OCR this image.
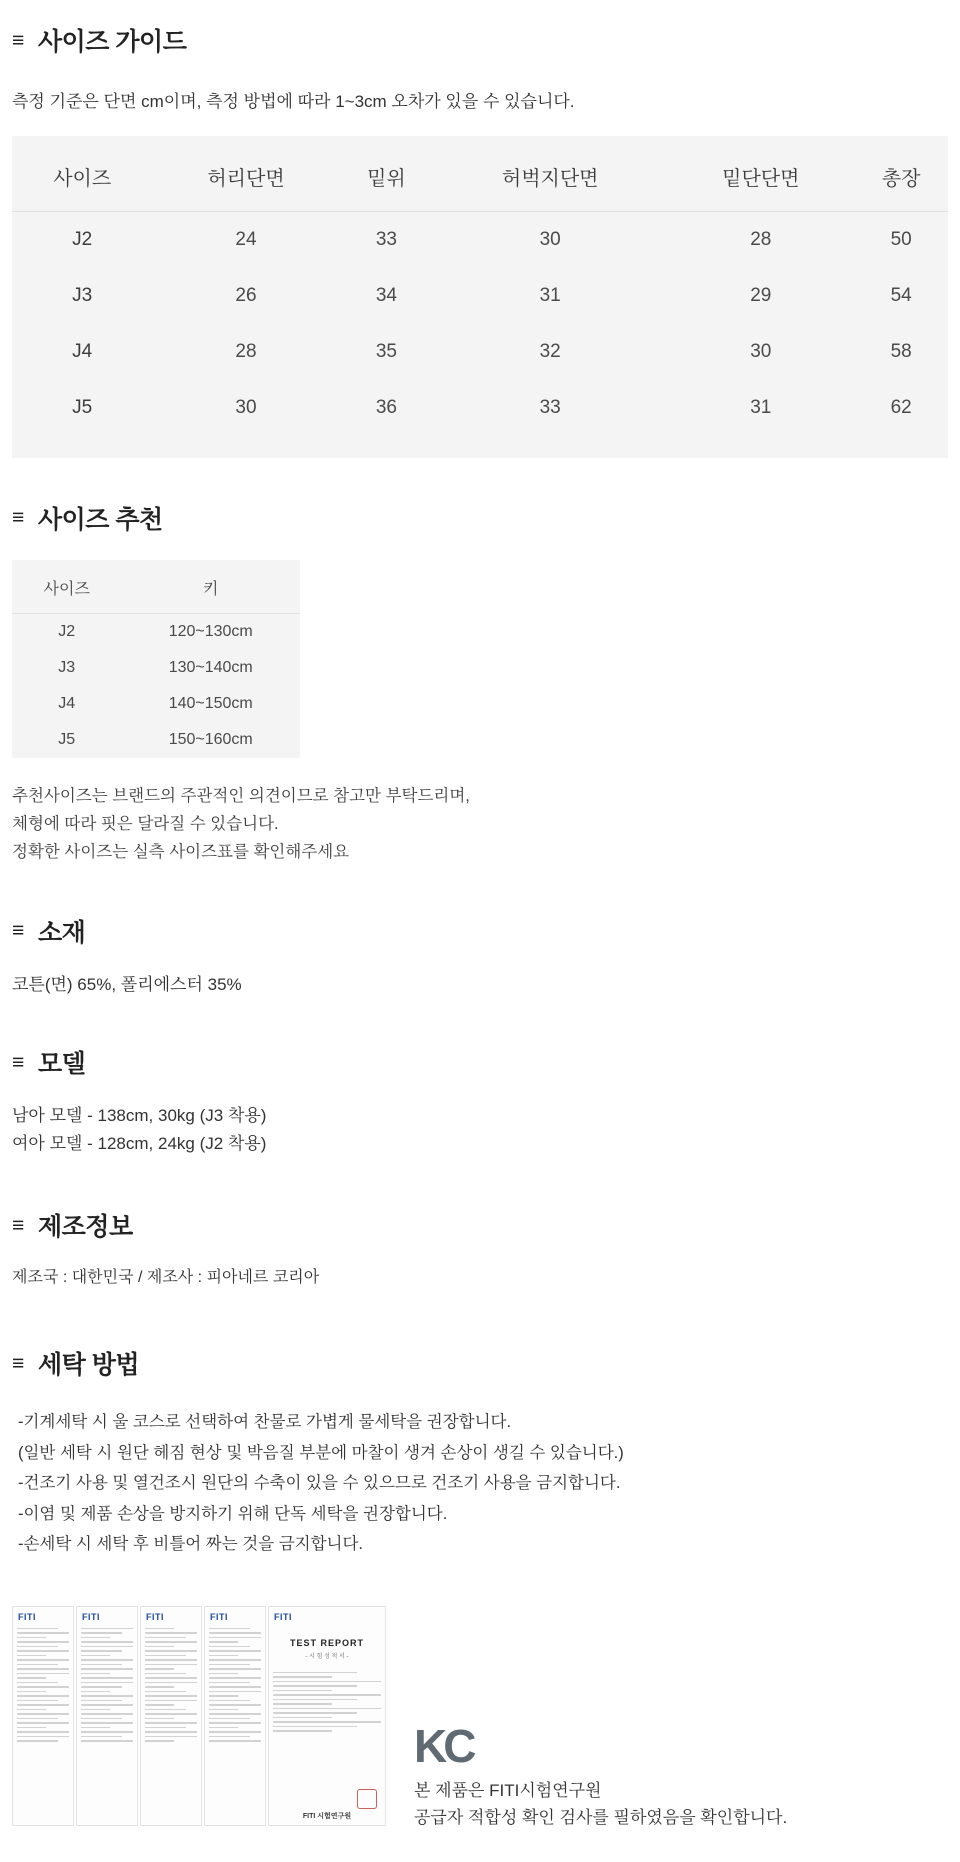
≡ 사이즈 가이드
측정 기준은 단면 cm이며, 측정 방법에 따라 1~3cm 오차가 있을 수 있습니다.
사이즈	허리단면	밑위	허벅지단면	밑단단면	총장
J2	24	33	30	28	50
J3	26	34	31	29	54
J4	28	35	32	30	58
J5	30	36	33	31	62
≡ 사이즈 추천
사이즈	키
J2	120~130cm
J3	130~140cm
J4	140~150cm
J5	150~160cm
추천사이즈는 브랜드의 주관적인 의견이므로 참고만 부탁드리며,
체형에 따라 핏은 달라질 수 있습니다.
정확한 사이즈는 실측 사이즈표를 확인해주세요
≡ 소재
코튼(면) 65%, 폴리에스터 35%
≡ 모델
남아 모델 - 138cm, 30kg (J3 착용)
여아 모델 - 128cm, 24kg (J2 착용)
≡ 제조정보
제조국 : 대한민국 / 제조사 : 피아네르 코리아
≡ 세탁 방법
-기계세탁 시 울 코스로 선택하여 찬물로 가볍게 물세탁을 권장합니다.
(일반 세탁 시 원단 헤짐 현상 및 박음질 부분에 마찰이 생겨 손상이 생길 수 있습니다.)
-건조기 사용 및 열건조시 원단의 수축이 있을 수 있으므로 건조기 사용을 금지합니다.
-이염 및 제품 손상을 방지하기 위해 단독 세탁을 권장합니다.
-손세탁 시 세탁 후 비틀어 짜는 것을 금지합니다.
FITI	FITI	FITI	FITI	FITI
TEST REPORT
- 시 험 성 적 서 -
FITI 시험연구원
KC
본 제품은 FITI시험연구원
공급자 적합성 확인 검사를 필하였음을 확인합니다.
